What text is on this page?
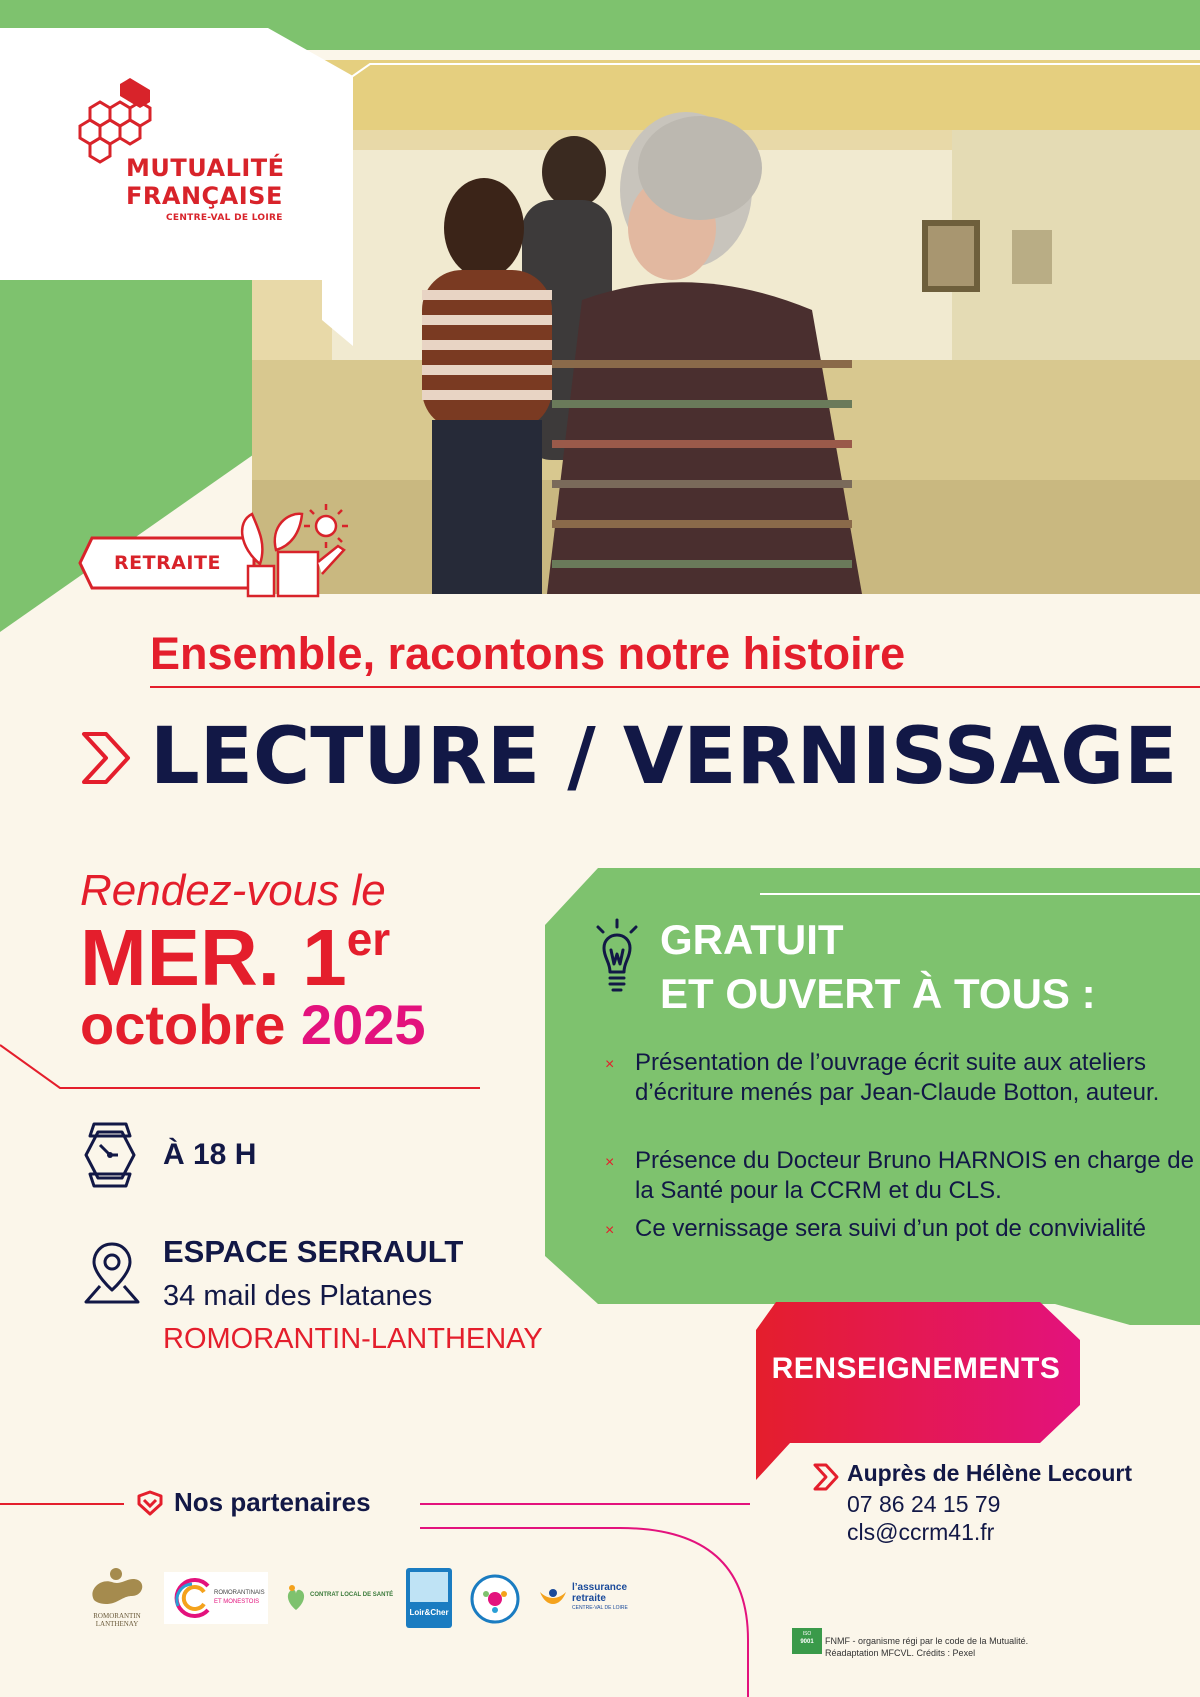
MUTUALITÉ
FRANÇAISE
CENTRE-VAL DE LOIRE
RETRAITE
Ensemble, racontons notre histoire
LECTURE / VERNISSAGE
Rendez-vous le
MER. 1er
octobre 2025
À 18 H
ESPACE SERRAULT
34 mail des Platanes
ROMORANTIN-LANTHENAY
GRATUIT
ET OUVERT À TOUS :
× Présentation de l’ouvrage écrit suite aux ateliers d’écriture menés par Jean-Claude Botton, auteur.
× Présence du Docteur Bruno HARNOIS en charge de la Santé pour la CCRM et du CLS.
× Ce vernissage sera suivi d’un pot de convivialité
RENSEIGNEMENTS
Auprès de Hélène Lecourt
07 86 24 15 79
cls@ccrm41.fr
Nos partenaires
ROMORANTIN LANTHENAY
ROMORANTINAIS
ET MONESTOIS
CONTRAT LOCAL DE SANTÉ
Loir&Cher
l’assurance
retraite
CENTRE-VAL DE LOIRE
ISO
9001	FNMF - organisme régi par le code de la Mutualité.
Réadaptation MFCVL. Crédits : Pexel
